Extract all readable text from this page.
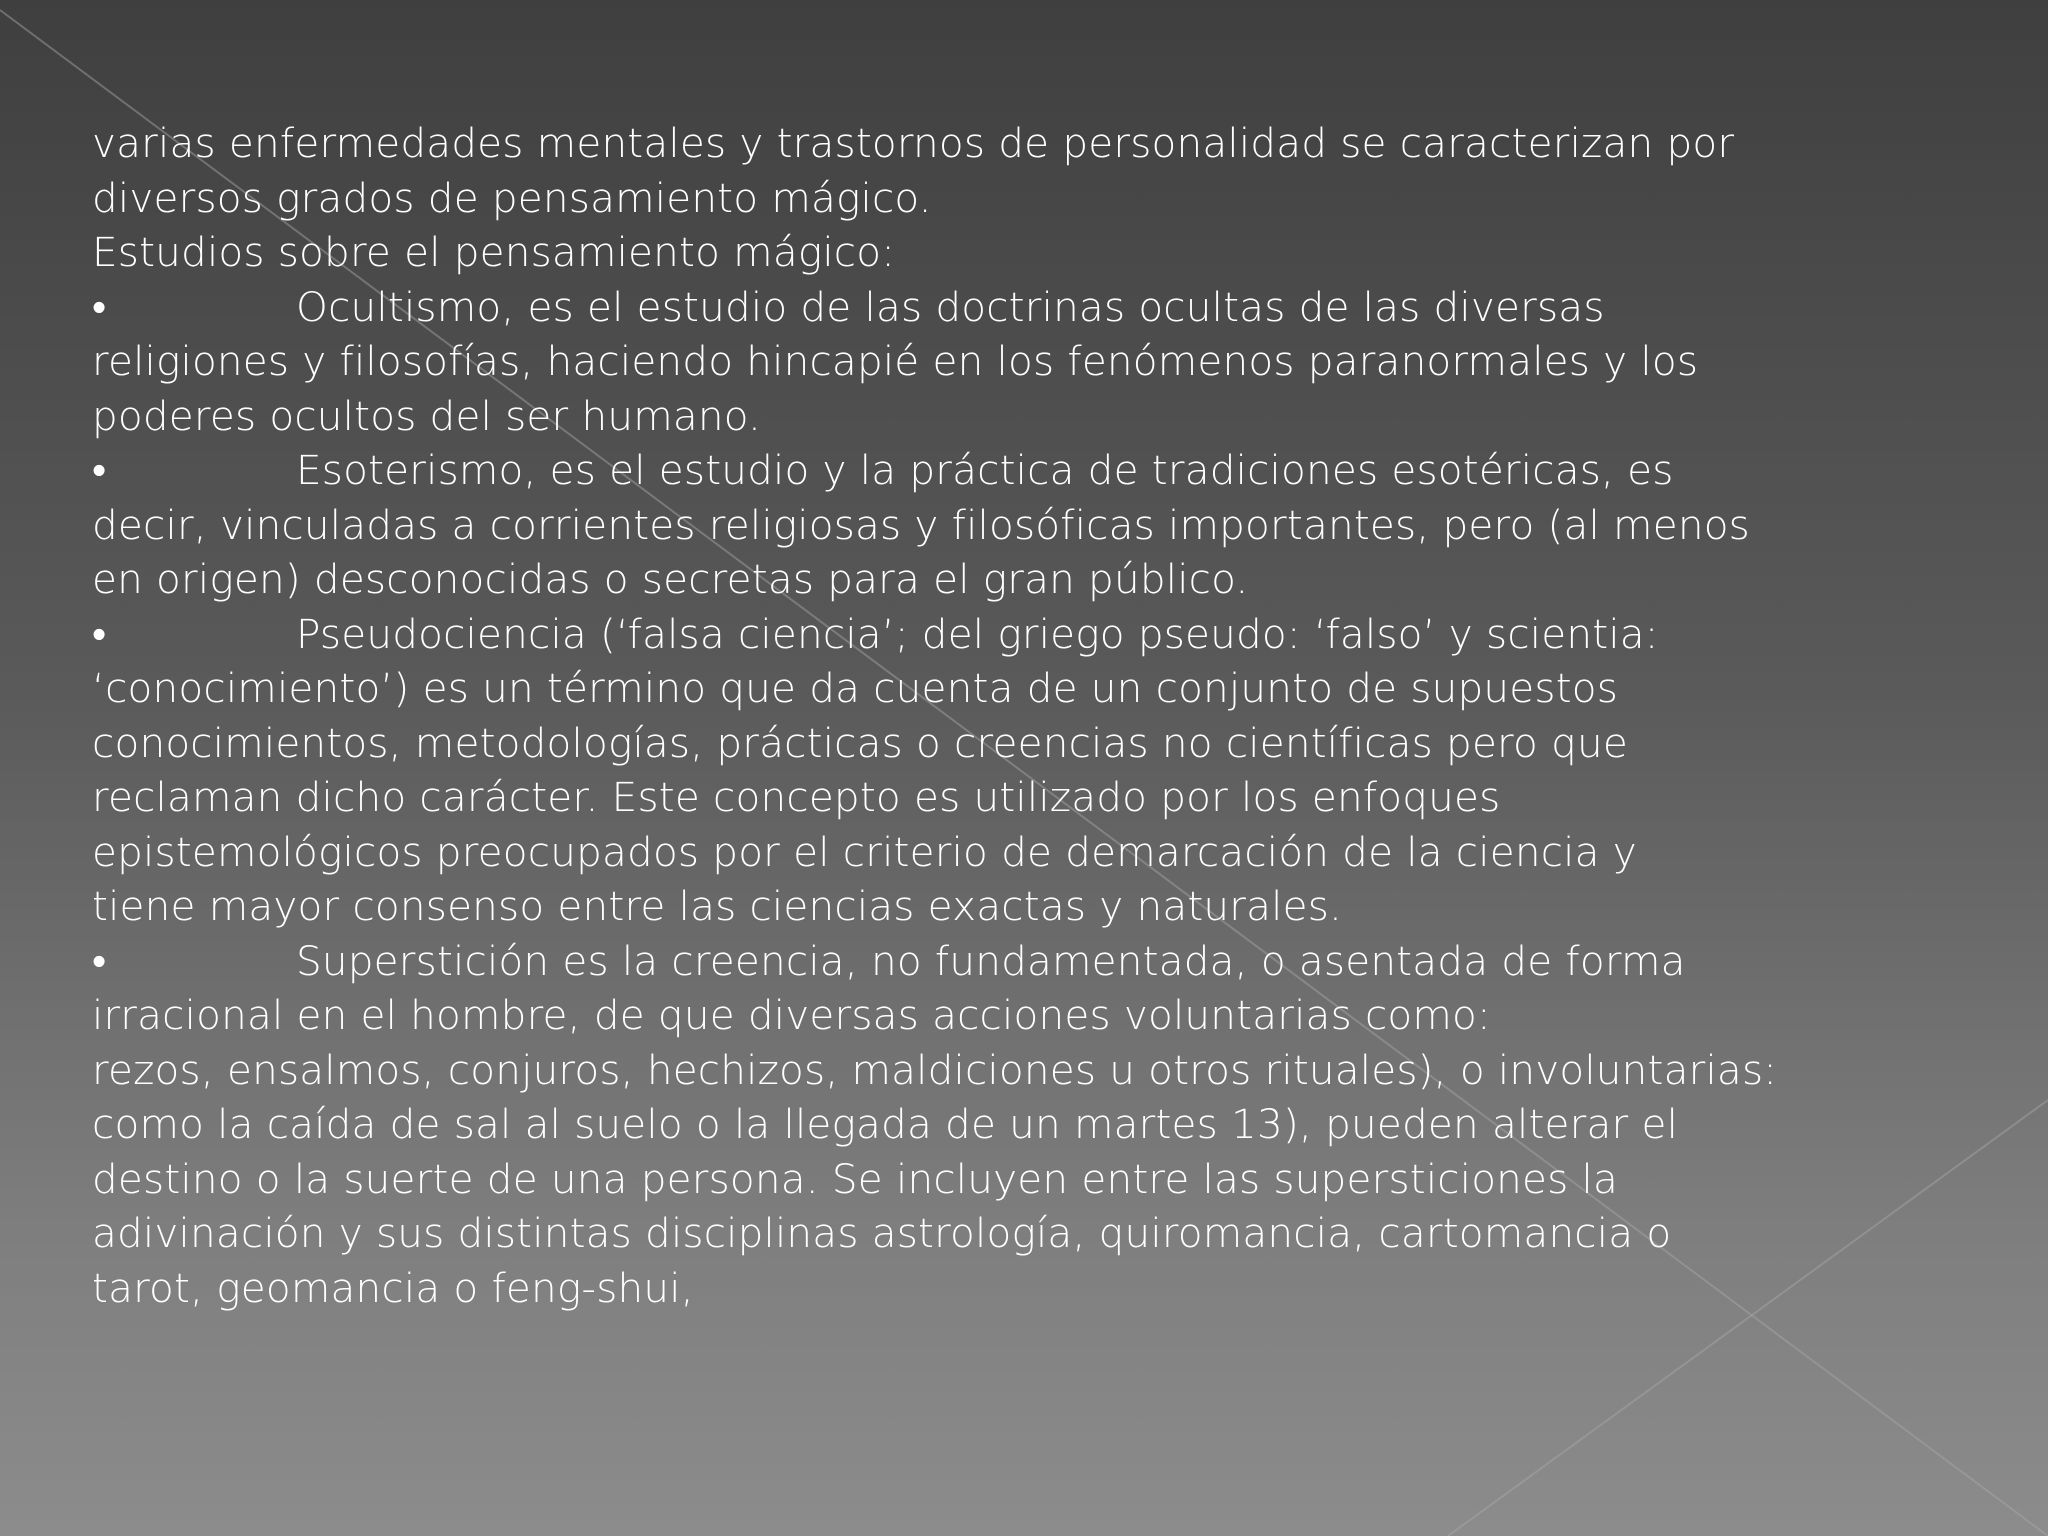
varias enfermedades mentales y trastornos de personalidad se caracterizan por
diversos grados de pensamiento mágico.
Estudios sobre el pensamiento mágico:
•	Ocultismo, es el estudio de las doctrinas ocultas de las diversas
religiones y filosofías, haciendo hincapié en los fenómenos paranormales y los
poderes ocultos del ser humano.
•	Esoterismo, es el estudio y la práctica de tradiciones esotéricas, es
decir, vinculadas a corrientes religiosas y filosóficas importantes, pero (al menos
en origen) desconocidas o secretas para el gran público.
•	Pseudociencia (‘falsa ciencia’; del griego pseudo: ‘falso’ y scientia:
‘conocimiento’) es un término que da cuenta de un conjunto de supuestos
conocimientos, metodologías, prácticas o creencias no científicas pero que
reclaman dicho carácter. Este concepto es utilizado por los enfoques
epistemológicos preocupados por el criterio de demarcación de la ciencia y
tiene mayor consenso entre las ciencias exactas y naturales.
•	Superstición es la creencia, no fundamentada, o asentada de forma
irracional en el hombre, de que diversas acciones voluntarias como:
rezos, ensalmos, conjuros, hechizos, maldiciones u otros rituales), o involuntarias:
como la caída de sal al suelo o la llegada de un martes 13), pueden alterar el
destino o la suerte de una persona. Se incluyen entre las supersticiones la
adivinación y sus distintas disciplinas astrología, quiromancia, cartomancia o
tarot, geomancia o feng-shui,
